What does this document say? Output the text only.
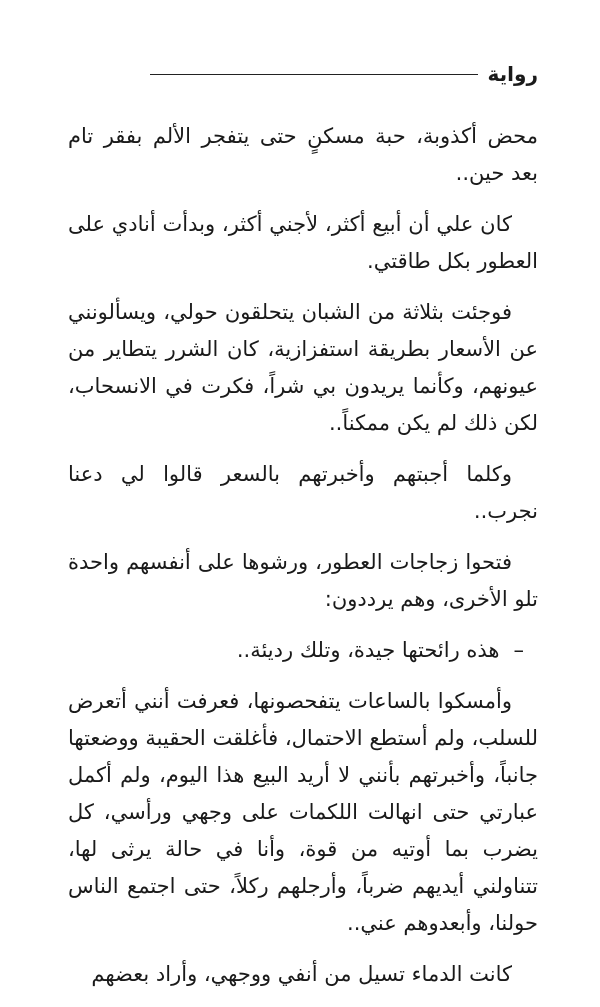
رواية

محض أكذوبة، حبة مسكنٍ حتى يتفجر الألم بفقر تام بعد حين..

كان علي أن أبيع أكثر، لأجني أكثر، وبدأت أنادي على العطور بكل طاقتي.

فوجئت بثلاثة من الشبان يتحلقون حولي، ويسألونني عن الأسعار بطريقة استفزازية، كان الشرر يتطاير من عيونهم، وكأنما يريدون بي شراً، فكرت في الانسحاب، لكن ذلك لم يكن ممكناً..

وكلما أجبتهم وأخبرتهم بالسعر قالوا لي دعنا نجرب..

فتحوا زجاجات العطور، ورشوها على أنفسهم واحدة تلو الأخرى، وهم يرددون:

–هذه رائحتها جيدة، وتلك رديئة..

وأمسكوا بالساعات يتفحصونها، فعرفت أنني أتعرض للسلب، ولم أستطع الاحتمال، فأغلقت الحقيبة ووضعتها جانباً، وأخبرتهم بأنني لا أريد البيع هذا اليوم، ولم أكمل عبارتي حتى انهالت اللكمات على وجهي ورأسي، كل يضرب بما أوتيه من قوة، وأنا في حالة يرثى لها، تتناولني أيديهم ضرباً، وأرجلهم ركلاً، حتى اجتمع الناس حولنا، وأبعدوهم عني..

كانت الدماء تسيل من أنفي ووجهي، وأراد بعضهم
